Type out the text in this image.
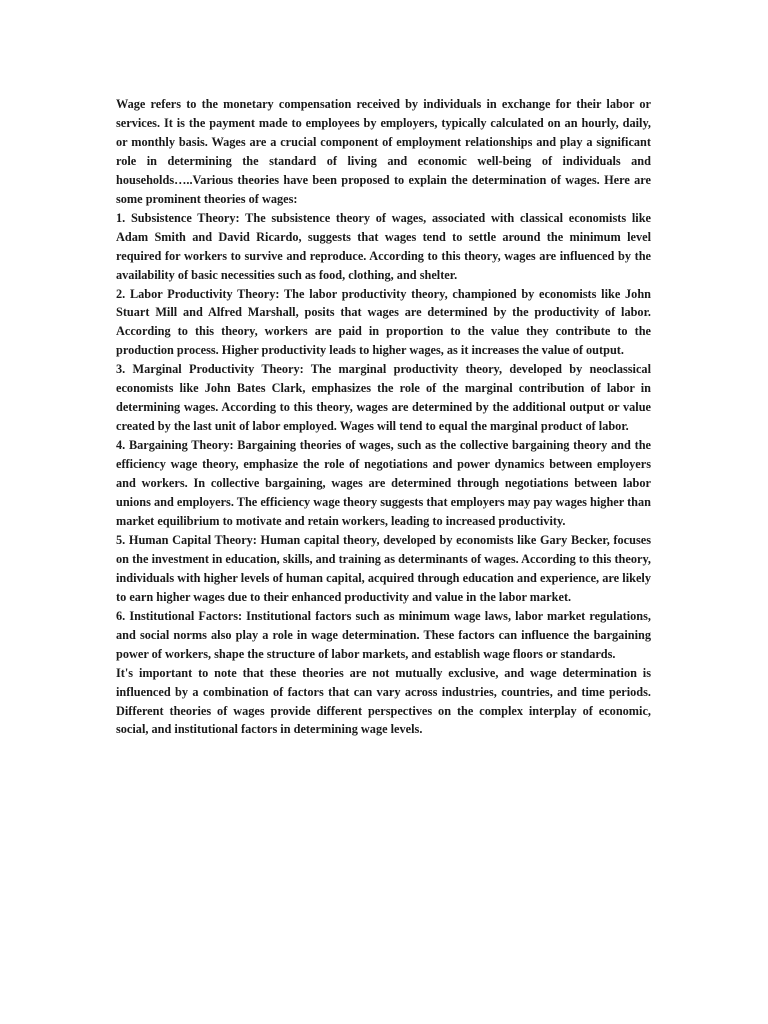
Wage refers to the monetary compensation received by individuals in exchange for their labor or services. It is the payment made to employees by employers, typically calculated on an hourly, daily, or monthly basis. Wages are a crucial component of employment relationships and play a significant role in determining the standard of living and economic well-being of individuals and households…..Various theories have been proposed to explain the determination of wages. Here are some prominent theories of wages:

1. Subsistence Theory: The subsistence theory of wages, associated with classical economists like Adam Smith and David Ricardo, suggests that wages tend to settle around the minimum level required for workers to survive and reproduce. According to this theory, wages are influenced by the availability of basic necessities such as food, clothing, and shelter.

2. Labor Productivity Theory: The labor productivity theory, championed by economists like John Stuart Mill and Alfred Marshall, posits that wages are determined by the productivity of labor. According to this theory, workers are paid in proportion to the value they contribute to the production process. Higher productivity leads to higher wages, as it increases the value of output.

3. Marginal Productivity Theory: The marginal productivity theory, developed by neoclassical economists like John Bates Clark, emphasizes the role of the marginal contribution of labor in determining wages. According to this theory, wages are determined by the additional output or value created by the last unit of labor employed. Wages will tend to equal the marginal product of labor.

4. Bargaining Theory: Bargaining theories of wages, such as the collective bargaining theory and the efficiency wage theory, emphasize the role of negotiations and power dynamics between employers and workers. In collective bargaining, wages are determined through negotiations between labor unions and employers. The efficiency wage theory suggests that employers may pay wages higher than market equilibrium to motivate and retain workers, leading to increased productivity.

5. Human Capital Theory: Human capital theory, developed by economists like Gary Becker, focuses on the investment in education, skills, and training as determinants of wages. According to this theory, individuals with higher levels of human capital, acquired through education and experience, are likely to earn higher wages due to their enhanced productivity and value in the labor market.

6. Institutional Factors: Institutional factors such as minimum wage laws, labor market regulations, and social norms also play a role in wage determination. These factors can influence the bargaining power of workers, shape the structure of labor markets, and establish wage floors or standards.

It's important to note that these theories are not mutually exclusive, and wage determination is influenced by a combination of factors that can vary across industries, countries, and time periods. Different theories of wages provide different perspectives on the complex interplay of economic, social, and institutional factors in determining wage levels.
